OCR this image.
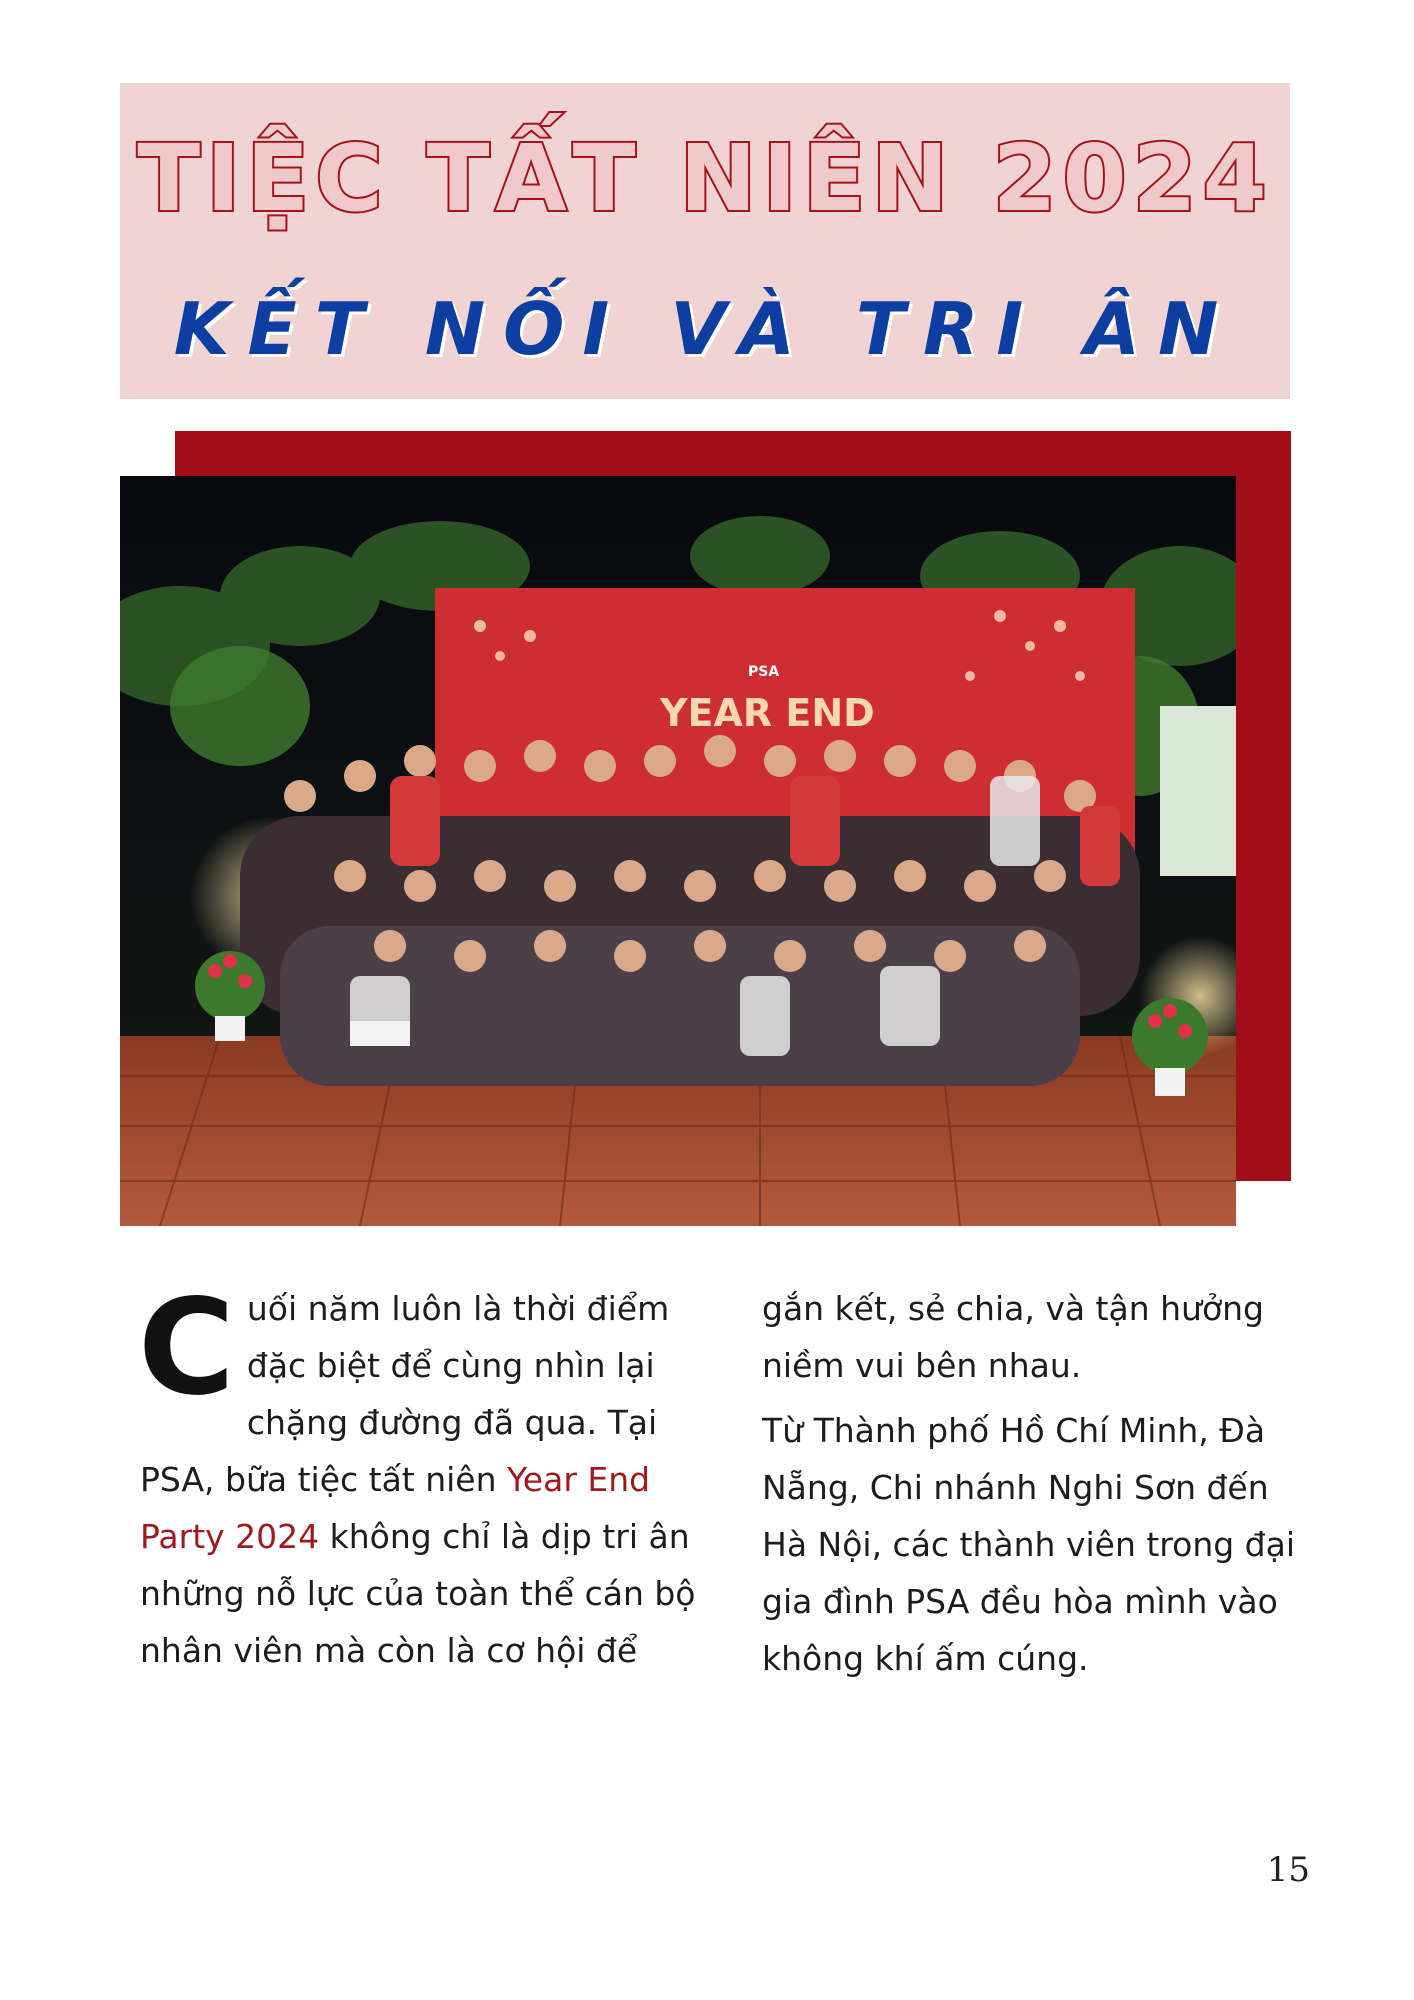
TIỆC TẤT NIÊN 2024
KẾT NỐI VÀ TRI ÂN
YEAR END
PSA

Cuối năm luôn là thời điểm đặc biệt để cùng nhìn lại chặng đường đã qua. Tại PSA, bữa tiệc tất niên Year End Party 2024 không chỉ là dịp tri ân những nỗ lực của toàn thể cán bộ nhân viên mà còn là cơ hội để

gắn kết, sẻ chia, và tận hưởng niềm vui bên nhau.

Từ Thành phố Hồ Chí Minh, Đà Nẵng, Chi nhánh Nghi Sơn đến Hà Nội, các thành viên trong đại gia đình PSA đều hòa mình vào không khí ấm cúng.

15
